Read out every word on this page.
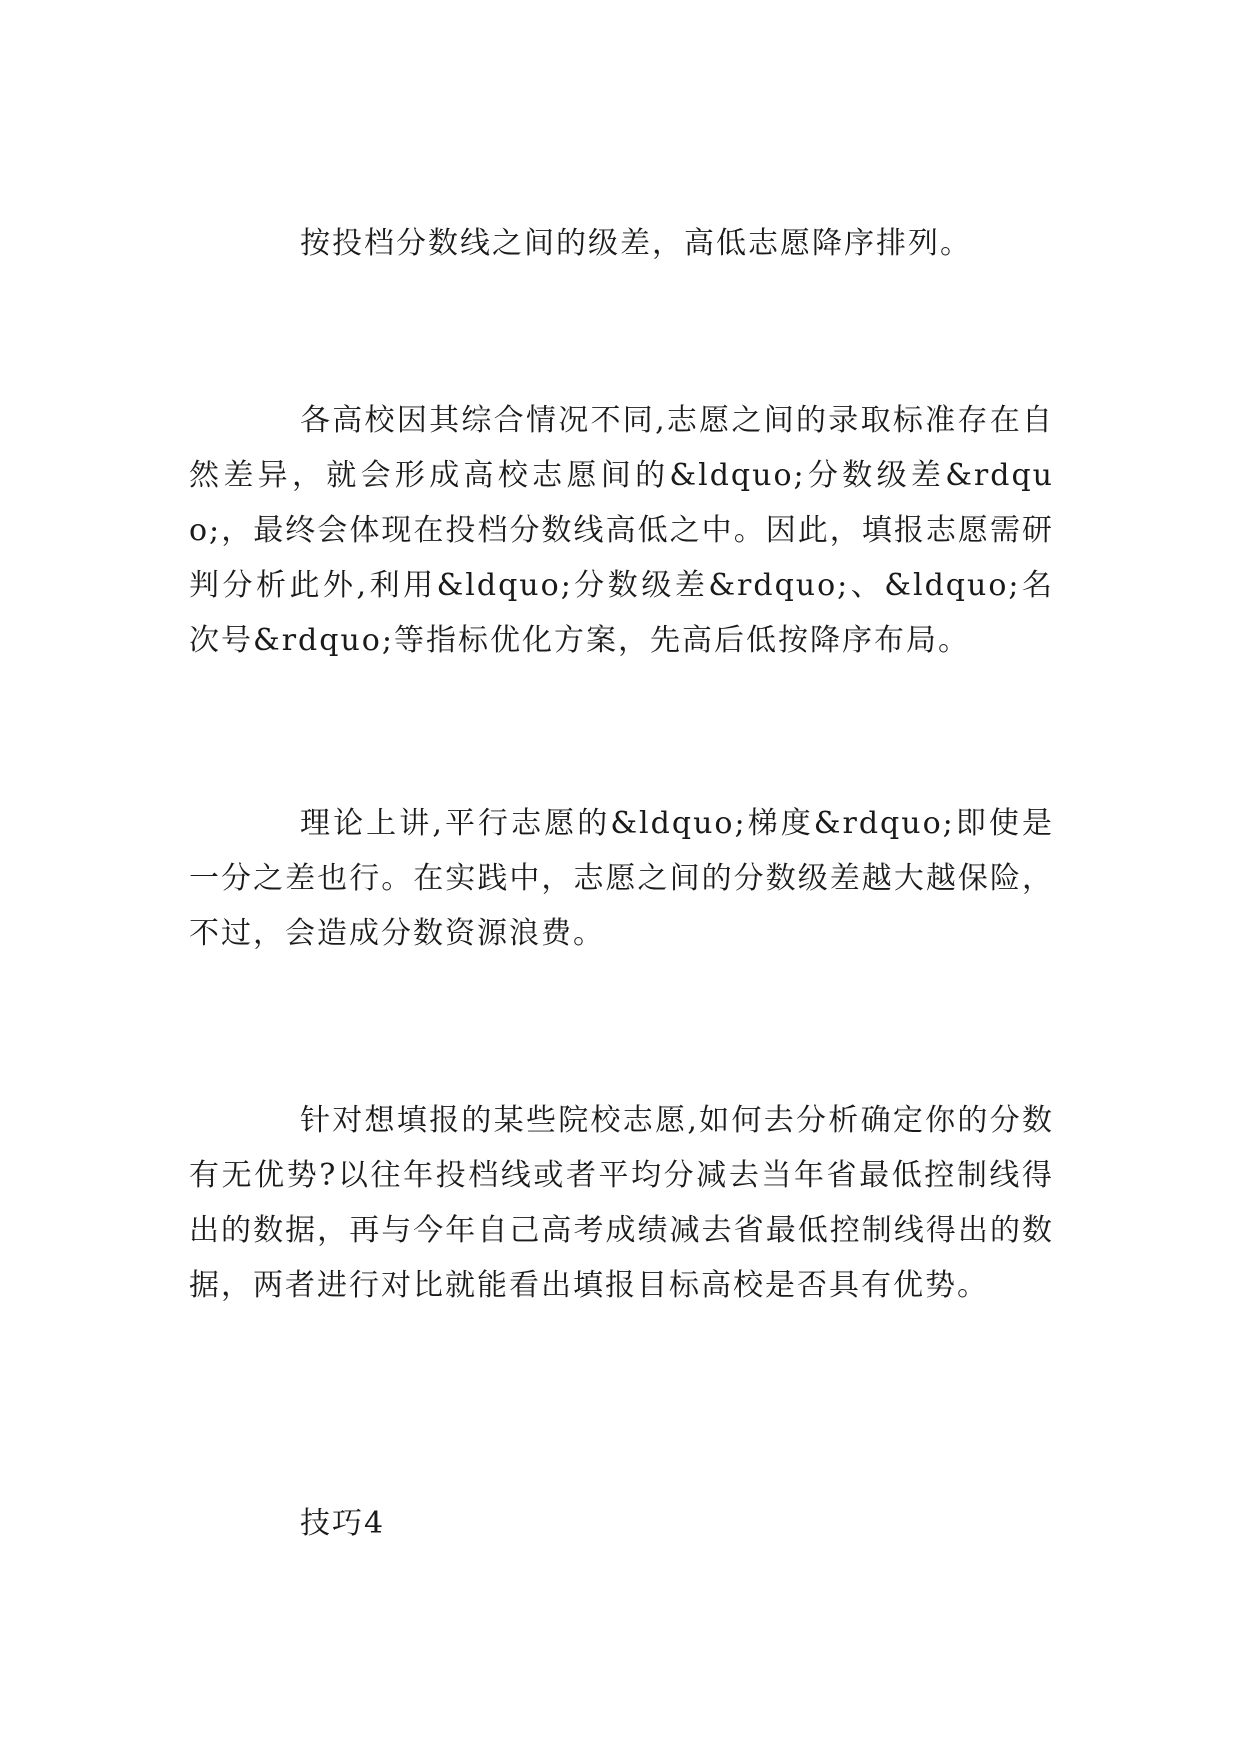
按投档分数线之间的级差，高低志愿降序排列。

各高校因其综合情况不同,志愿之间的录取标准存在自然差异，就会形成高校志愿间的&ldquo;分数级差&rdquo;，最终会体现在投档分数线高低之中。因此，填报志愿需研判分析此外,利用&ldquo;分数级差&rdquo;、&ldquo;名次号&rdquo;等指标优化方案，先高后低按降序布局。

理论上讲,平行志愿的&ldquo;梯度&rdquo;即使是一分之差也行。在实践中，志愿之间的分数级差越大越保险，不过，会造成分数资源浪费。

针对想填报的某些院校志愿,如何去分析确定你的分数有无优势?以往年投档线或者平均分减去当年省最低控制线得出的数据，再与今年自己高考成绩减去省最低控制线得出的数据，两者进行对比就能看出填报目标高校是否具有优势。

技巧4
